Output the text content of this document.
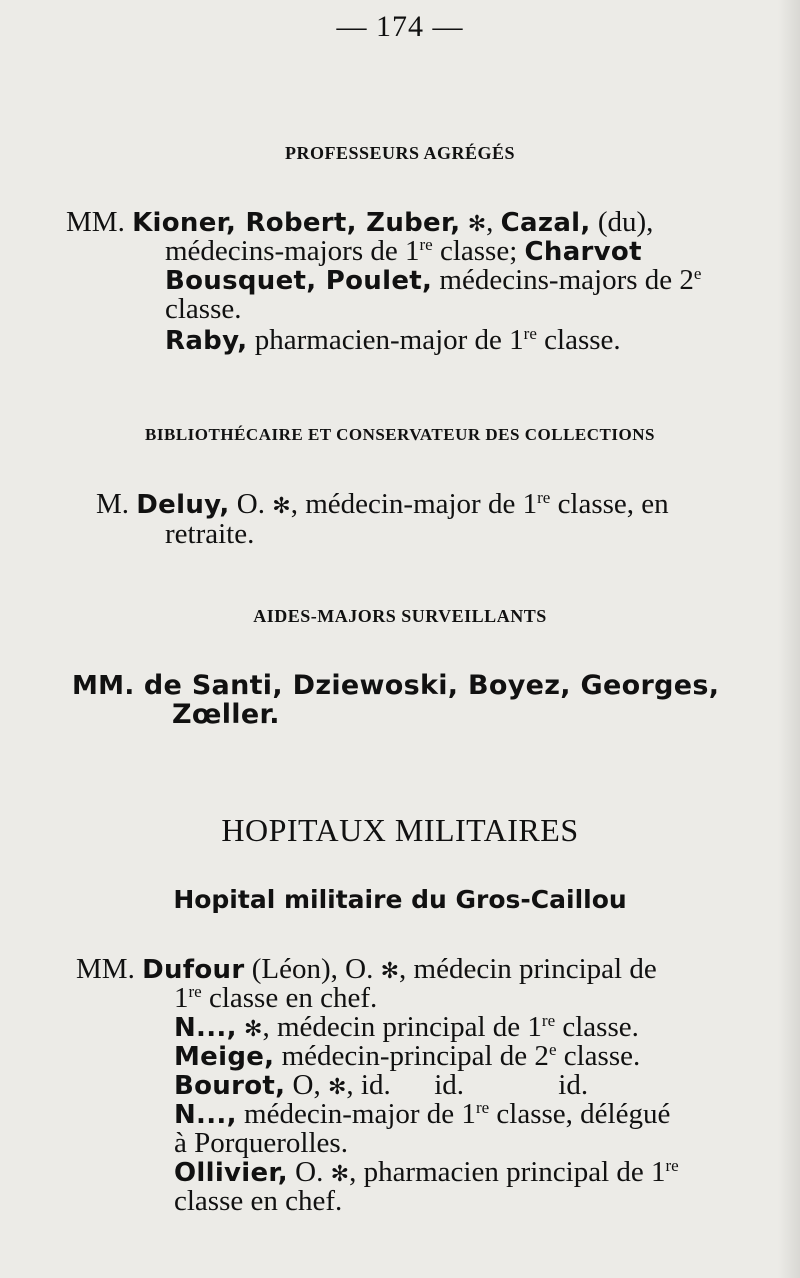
— 174 —
PROFESSEURS AGRÉGÉS
MM. Kioner, Robert, Zuber, ✻, Cazal, (du),
médecins-majors de 1re classe; Charvot
Bousquet, Poulet, médecins-majors de 2e
classe.
Raby, pharmacien-major de 1re classe.
BIBLIOTHÉCAIRE ET CONSERVATEUR DES COLLECTIONS
M. Deluy, O. ✻, médecin-major de 1re classe, en
retraite.
AIDES-MAJORS SURVEILLANTS
MM. de Santi, Dziewoski, Boyez, Georges,
Zœller.
HOPITAUX MILITAIRES
Hopital militaire du Gros-Caillou
MM. Dufour (Léon), O. ✻, médecin principal de
1re classe en chef.
N..., ✻, médecin principal de 1re classe.
Meige, médecin-principal de 2e classe.
Bourot, O, ✻, id.      id.             id.
N..., médecin-major de 1re classe, délégué
à Porquerolles.
Ollivier, O. ✻, pharmacien principal de 1re
classe en chef.
